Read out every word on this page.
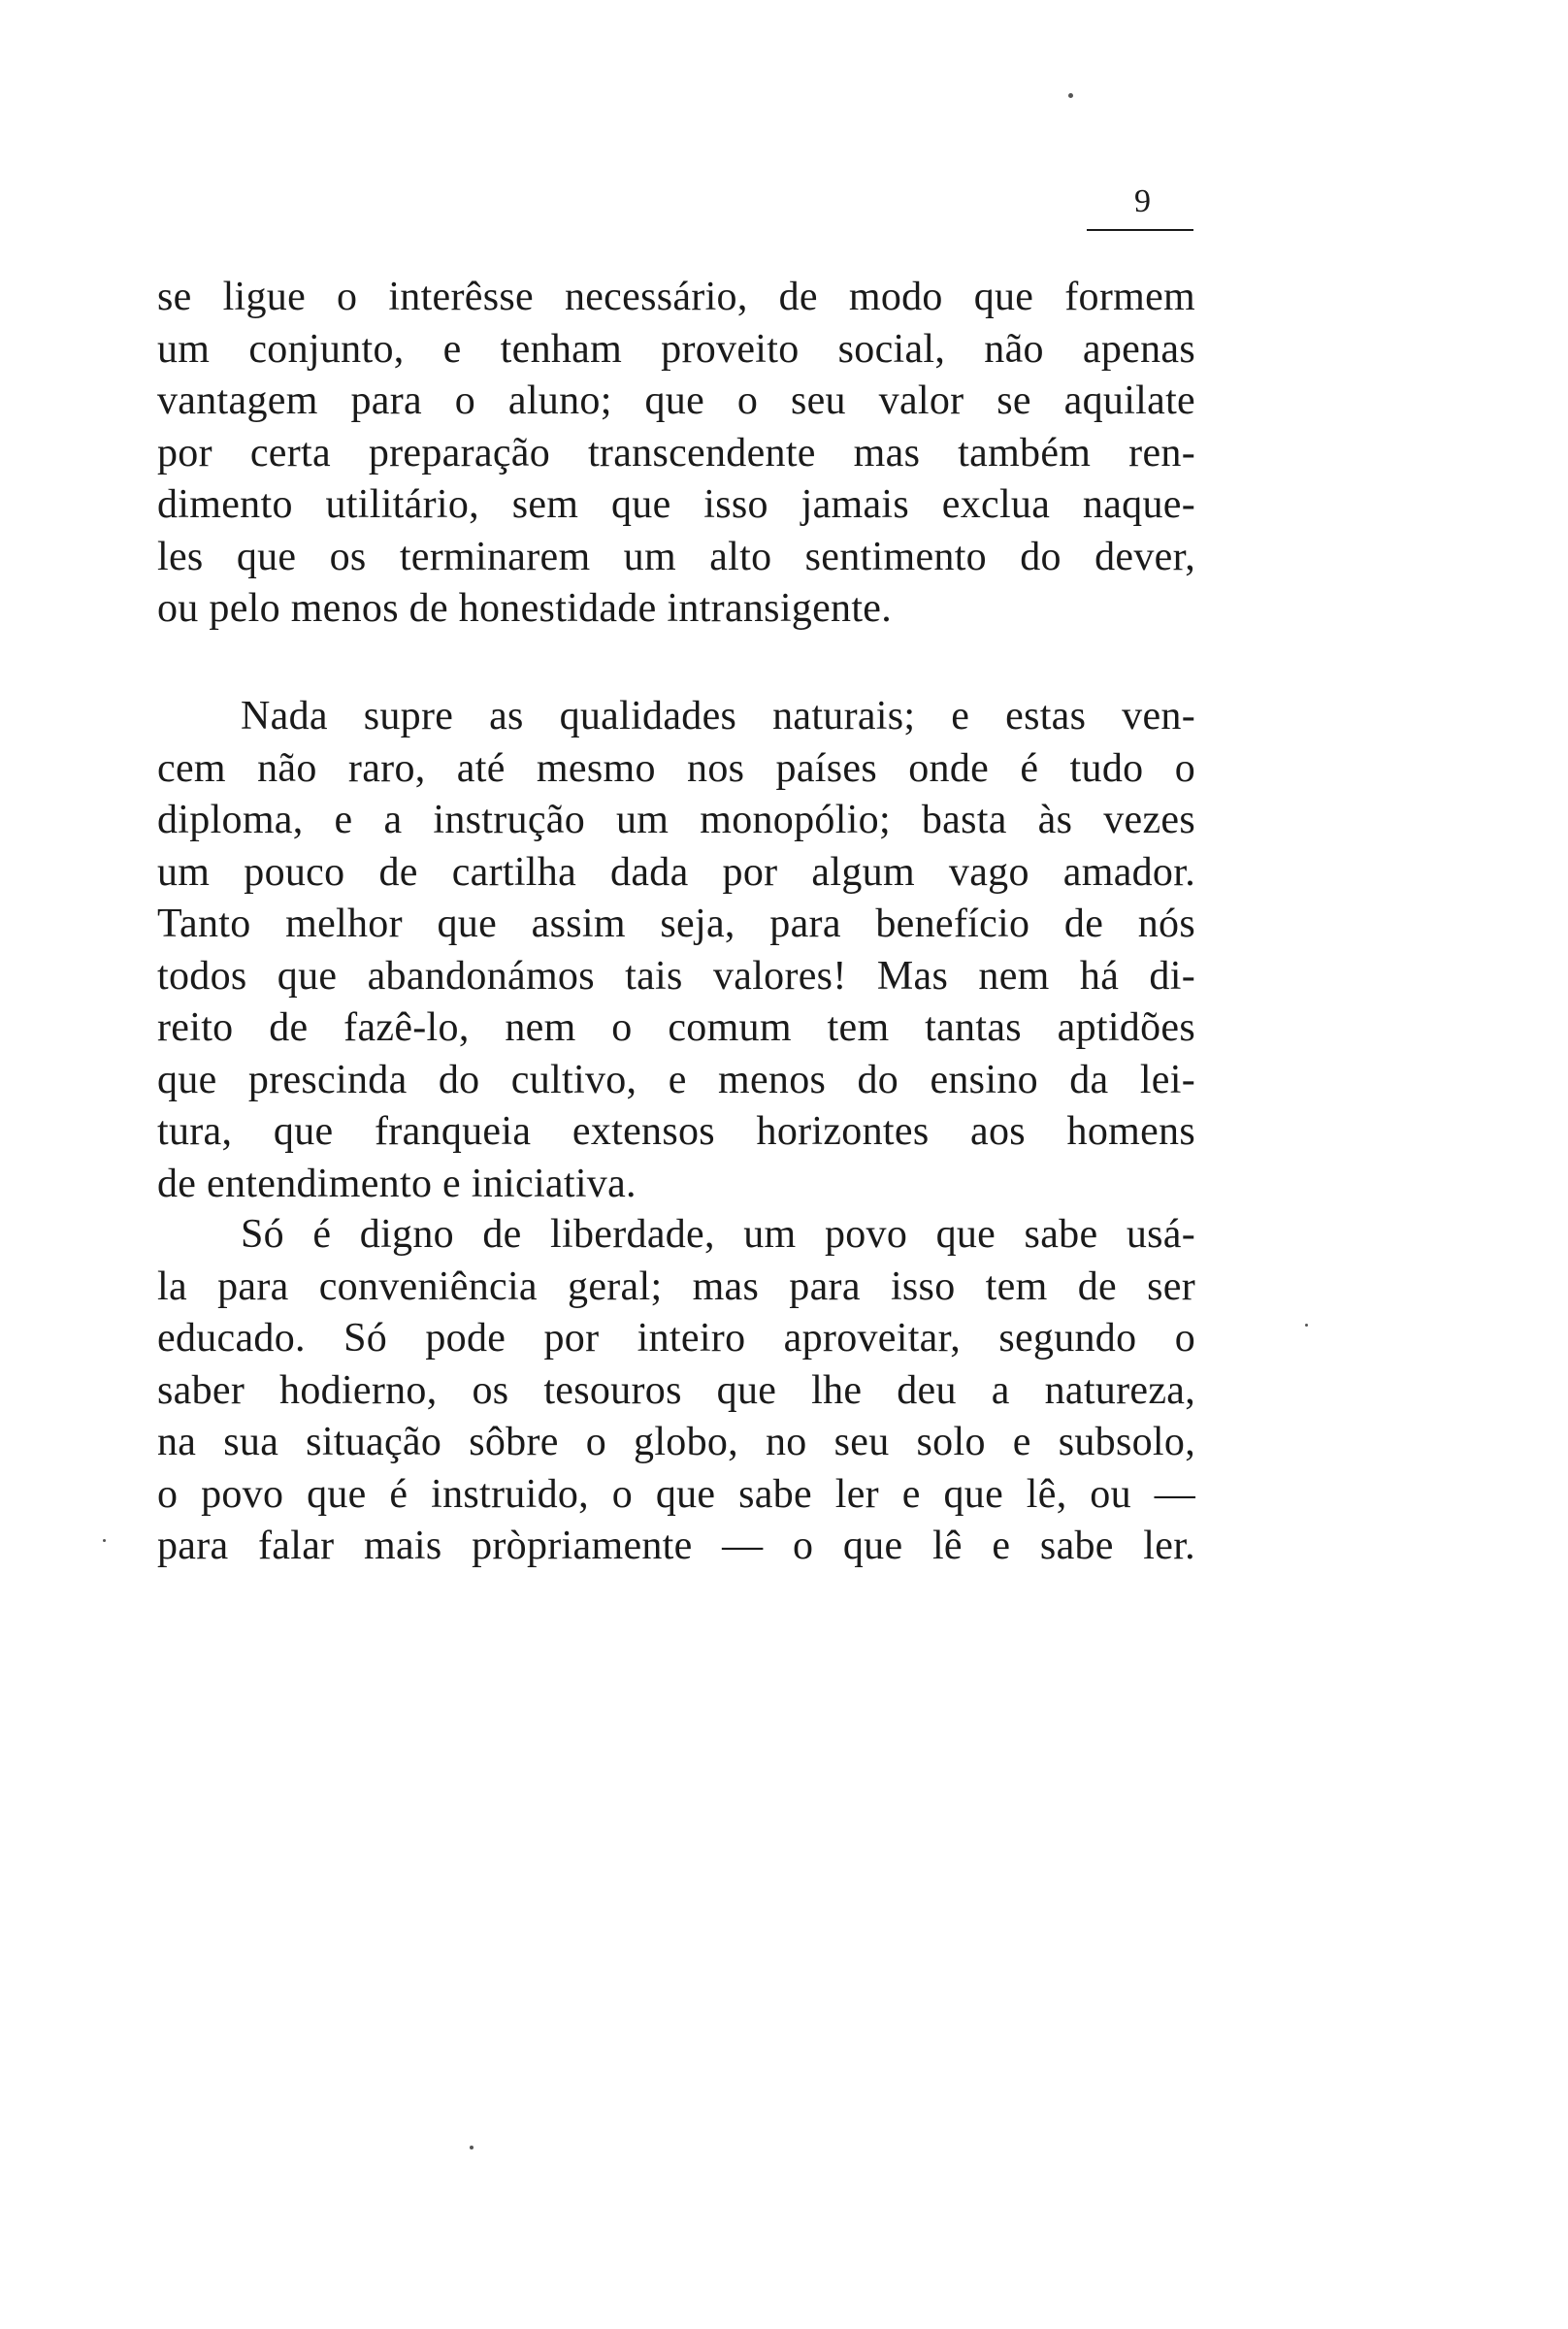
9
se ligue o interêsse necessário, de modo que formem
um conjunto, e tenham proveito social, não apenas
vantagem para o aluno; que o seu valor se aquilate
por certa preparação transcendente mas também ren-
dimento utilitário, sem que isso jamais exclua naque-
les que os terminarem um alto sentimento do dever,
ou pelo menos de honestidade intransigente.
Nada supre as qualidades naturais; e estas ven-
cem não raro, até mesmo nos países onde é tudo o
diploma, e a instrução um monopólio; basta às vezes
um pouco de cartilha dada por algum vago amador.
Tanto melhor que assim seja, para benefício de nós
todos que abandonámos tais valores! Mas nem há di-
reito de fazê-lo, nem o comum tem tantas aptidões
que prescinda do cultivo, e menos do ensino da lei-
tura, que franqueia extensos horizontes aos homens
de entendimento e iniciativa.
Só é digno de liberdade, um povo que sabe usá-
la para conveniência geral; mas para isso tem de ser
educado. Só pode por inteiro aproveitar, segundo o
saber hodierno, os tesouros que lhe deu a natureza,
na sua situação sôbre o globo, no seu solo e subsolo,
o povo que é instruido, o que sabe ler e que lê, ou —
para falar mais pròpriamente — o que lê e sabe ler.
